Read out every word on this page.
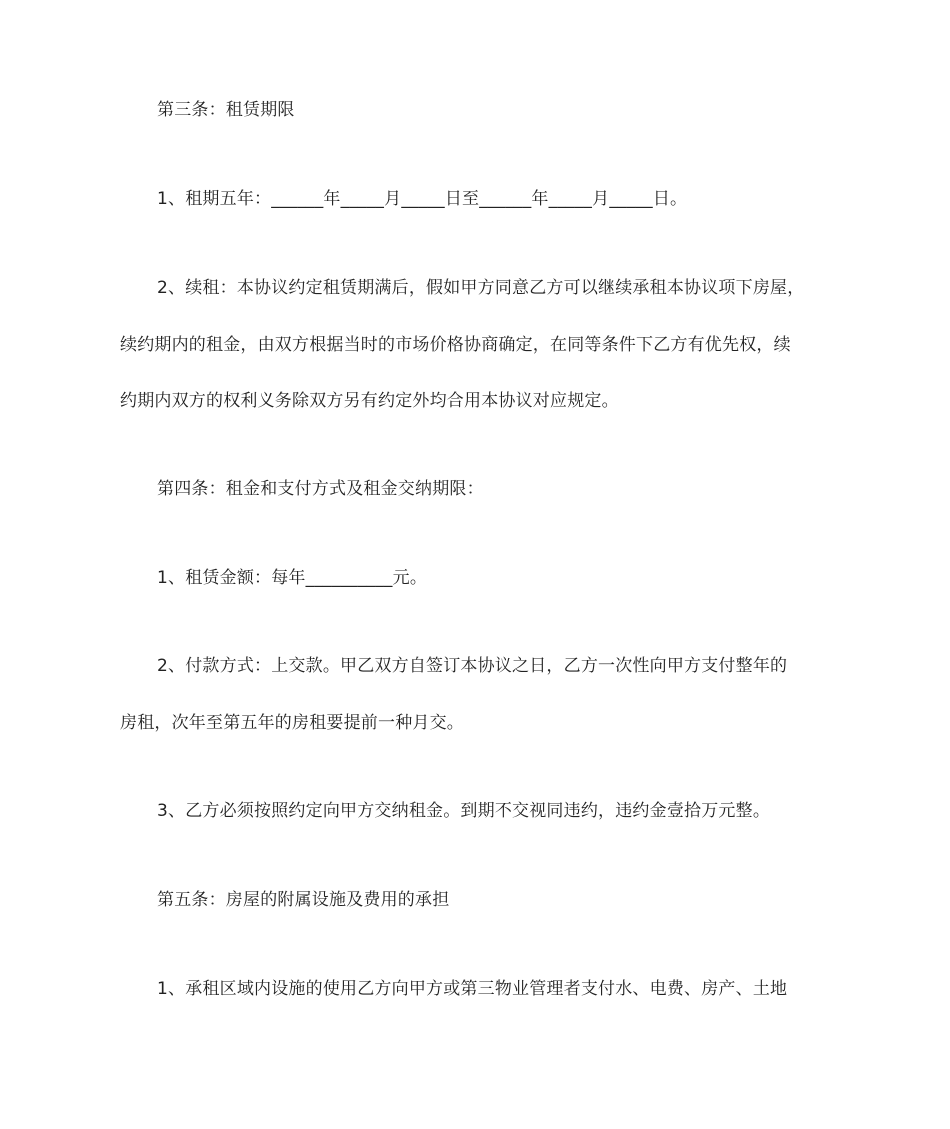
第三条：租赁期限
1、租期五年：______年_____月_____日至______年_____月_____日。
2、续租：本协议约定租赁期满后，假如甲方同意乙方可以继续承租本协议项下房屋，
续约期内的租金，由双方根据当时的市场价格协商确定，在同等条件下乙方有优先权，续
约期内双方的权利义务除双方另有约定外均合用本协议对应规定。
第四条：租金和支付方式及租金交纳期限：
1、租赁金额：每年__________元。
2、付款方式：上交款。甲乙双方自签订本协议之日，乙方一次性向甲方支付整年的
房租，次年至第五年的房租要提前一种月交。
3、乙方必须按照约定向甲方交纳租金。到期不交视同违约，违约金壹拾万元整。
第五条：房屋的附属设施及费用的承担
1、承租区域内设施的使用乙方向甲方或第三物业管理者支付水、电费、房产、土地
